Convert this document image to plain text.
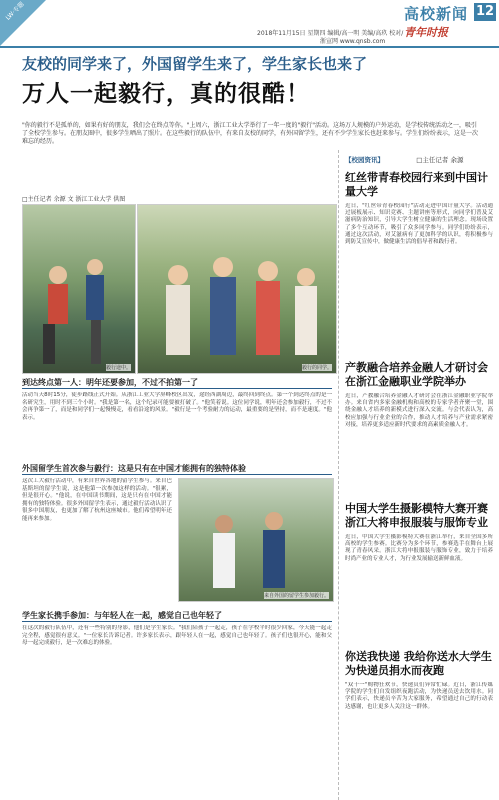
LW·专题	高校新闻 12
青年时报
2018年11月15日 星期四 编辑/高一明 美编/高玖 校对/
浙宣网 www.qnsb.com
友校的同学来了，外国留学生来了，学生家长也来了
万人一起毅行，真的很酷！
"你的毅行不是孤单的，如果有好的朋友，我们会在终点等你。"上周六，浙江工业大学举行了一年一度的"毅行"活动。这场万人规模的户外运动，是学校传统活动之一，吸引了全校学生参与。在朋友圈中，很多学生晒出了照片。在这些毅行的队伍中，有来自友校的同学，有外国留学生，还有不少学生家长也赶来参与。学生们纷纷表示，这是一次难忘的经历。
□主任记者 余源 文 浙江工业大学 供图
毅行途中。	毅行的同学。
到达终点第一人：明年还要参加，不过不拍第一了
活动当天8时15分，徒步路线正式开始。从浙江工业大学屏峰校区出发，途经西湖周边，最终回到终点。第一个到达终点的是一名研究生，用时不到三个小时。"我是第一名，这个纪录可能要被打破了。"他笑着说。这位同学说，明年还会参加毅行，不过不会再争第一了，而是和同学们一起慢慢走，看看沿途的风景。"毅行是一个考验耐力的运动，最重要的是坚持，而不是速度。"他表示。
外国留学生首次参与毅行：这是只有在中国才能拥有的独特体验
这次工大毅行活动中，有来自世界各地的留学生参与。来自巴基斯坦的留学生说，这是他第一次参加这样的活动。"很累，但是很开心。"他说，在中国读书期间，这是只有在中国才能拥有的独特体验。很多外国留学生表示，通过毅行活动认识了很多中国朋友，也更加了解了杭州这座城市。他们希望明年还能再来参加。
来自外国的留学生参加毅行。
学生家长携手参加：与年轻人在一起，感觉自己也年轻了
在这次的毅行队伍中，还有一些特别的身影，他们是学生家长。"我们陪孩子一起走，孩子在学校平时很少回家，今天能一起走完全程，感觉很有意义。"一位家长告诉记者。许多家长表示，跟年轻人在一起，感觉自己也年轻了。孩子们也很开心，能和父母一起完成毅行，是一次难忘的体验。
【校园资讯】	□主任记者 余源
红丝带青春校园行来到中国计量大学
近日，"红丝带青春校园行"活动走进中国计量大学。活动通过展板展示、知识竞赛、主题讲座等形式，向同学们普及艾滋病防治知识，引导大学生树立健康的生活理念。现场设置了多个互动环节，吸引了众多同学参与。同学们纷纷表示，通过这次活动，对艾滋病有了更加科学的认识，将积极参与到防艾宣传中，做健康生活的倡导者和践行者。
产教融合培养金融人才研讨会在浙江金融职业学院举办
近日，产教融合培养金融人才研讨会在浙江金融职业学院举办。来自省内多家金融机构和高校的专家学者齐聚一堂，围绕金融人才培养的新模式进行深入交流。与会代表认为，高校应加强与行业企业的合作，推动人才培养与产业需求紧密对接，培养更多适应新时代要求的高素质金融人才。
中国大学生摄影模特大赛开赛浙江大将申报服装与服饰专业
近日，中国大学生摄影模特大赛在浙江举行，来自全国多所高校的学生参赛。比赛分为多个环节，参赛选手在舞台上展现了青春风采。浙江大将申报服装与服饰专业，致力于培养时尚产业的专业人才，为行业发展输送新鲜血液。
你送我快递 我给你送水大学生为快递员捐水而夜跑
"双十一"购物狂欢节，快递员们异常忙碌。近日，浙江传媒学院的学生们自发组织夜跑活动，为快递员送去饮用水。同学们表示，快递员辛苦为大家服务，希望通过自己的行动表达感谢，也让更多人关注这一群体。
